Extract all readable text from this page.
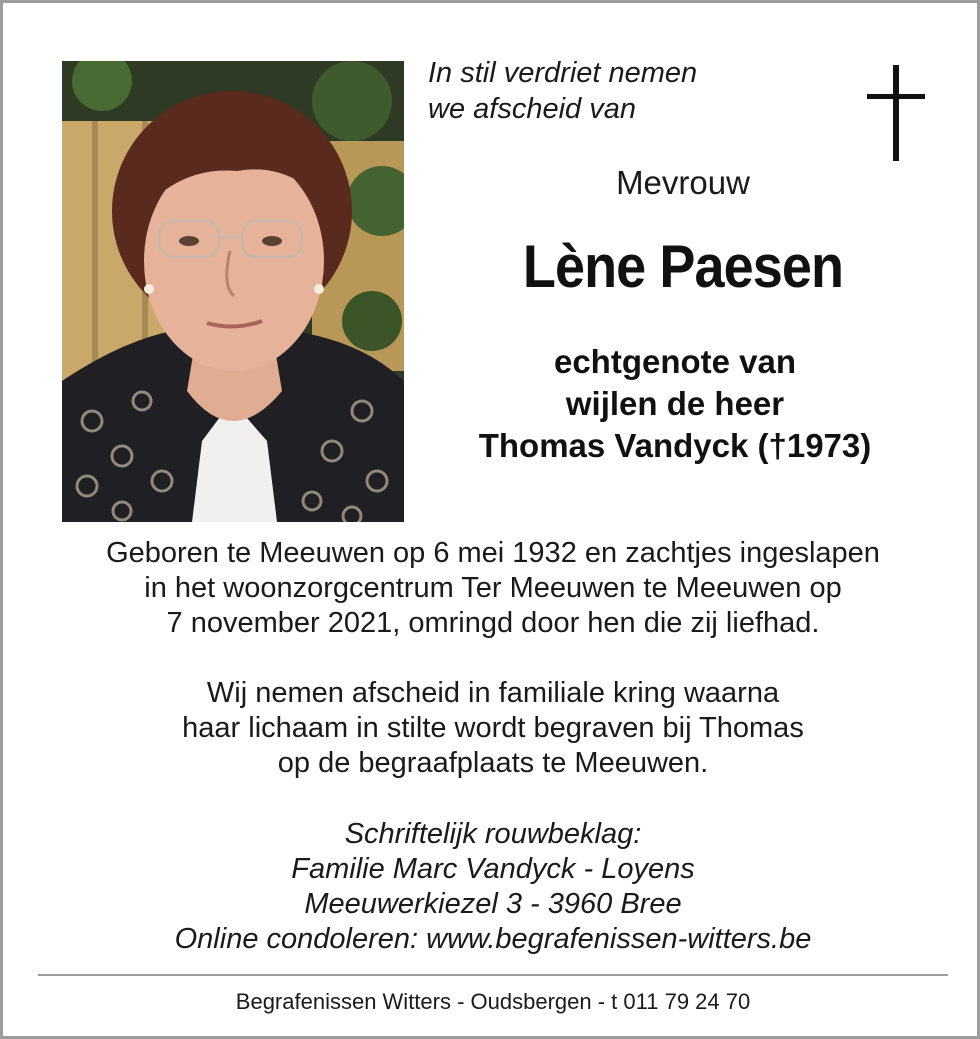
In stil verdriet nemen
we afscheid van
Mevrouw
Lène Paesen
echtgenote van
wijlen de heer
Thomas Vandyck (†1973)
Geboren te Meeuwen op 6 mei 1932 en zachtjes ingeslapen
in het woonzorgcentrum Ter Meeuwen te Meeuwen op
7 november 2021, omringd door hen die zij liefhad.
Wij nemen afscheid in familiale kring waarna
haar lichaam in stilte wordt begraven bij Thomas
op de begraafplaats te Meeuwen.
Schriftelijk rouwbeklag:
Familie Marc Vandyck - Loyens
Meeuwerkiezel 3 - 3960 Bree
Online condoleren: www.begrafenissen-witters.be
Begrafenissen Witters - Oudsbergen - t 011 79 24 70
